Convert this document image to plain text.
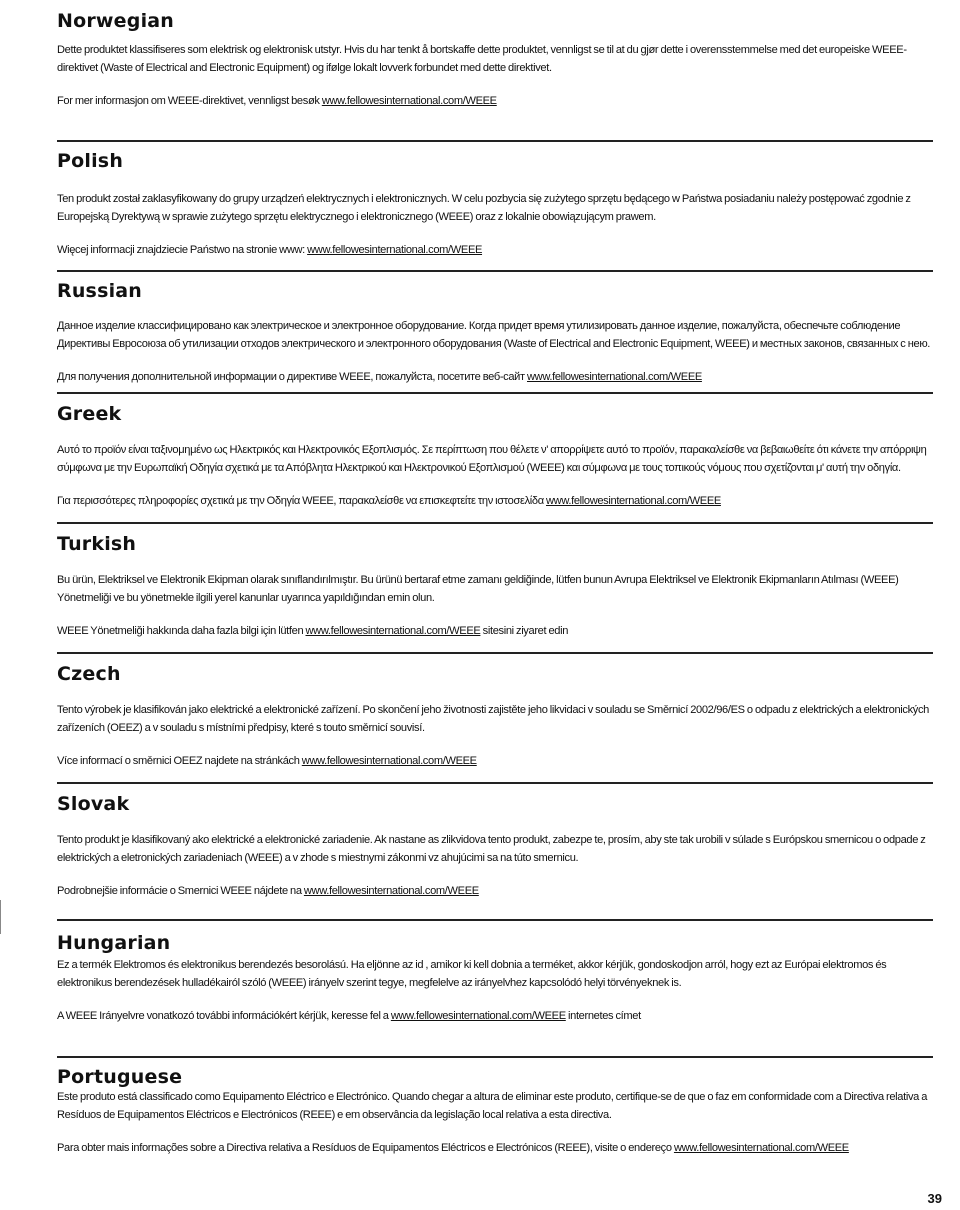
Norwegian

Dette produktet klassifiseres som elektrisk og elektronisk utstyr. Hvis du har tenkt å bortskaffe dette produktet, vennligst se til at du gjør dette i overensstemmelse med det europeiske WEEE-direktivet (Waste of Electrical and Electronic Equipment) og ifølge lokalt lovverk forbundet med dette direktivet.

For mer informasjon om WEEE-direktivet, vennligst besøk www.fellowesinternational.com/WEEE

Polish

Ten produkt został zaklasyfikowany do grupy urządzeń elektrycznych i elektronicznych. W celu pozbycia się zużytego sprzętu będącego w Państwa posiadaniu należy postępować zgodnie z Europejską Dyrektywą w sprawie zużytego sprzętu elektrycznego i elektronicznego (WEEE) oraz z lokalnie obowiązującym prawem.

Więcej informacji znajdziecie Państwo na stronie www: www.fellowesinternational.com/WEEE

Russian

Данное изделие классифицировано как электрическое и электронное оборудование. Когда придет время утилизировать данное изделие, пожалуйста, обеспечьте соблюдение Директивы Евросоюза об утилизации отходов электрического и электронного оборудования (Waste of Electrical and Electronic Equipment, WEEE) и местных законов, связанных с нею.

Для получения дополнительной информации о директиве WEEE, пожалуйста, посетите веб-сайт www.fellowesinternational.com/WEEE

Greek

Αυτό το προϊόν είναι ταξινομημένο ως Ηλεκτρικός και Ηλεκτρονικός Εξοπλισμός. Σε περίπτωση που θέλετε ν' απορρίψετε αυτό το προϊόν, παρακαλείσθε να βεβαιωθείτε ότι κάνετε την απόρριψη σύμφωνα με την Ευρωπαϊκή Οδηγία σχετικά με τα Απόβλητα Ηλεκτρικού και Ηλεκτρονικού Εξοπλισμού (WEEE) και σύμφωνα με τους τοπικούς νόμους που σχετίζονται μ' αυτή την οδηγία.

Για περισσότερες πληροφορίες σχετικά με την Οδηγία WEEE, παρακαλείσθε να επισκεφτείτε την ιστοσελίδα www.fellowesinternational.com/WEEE

Turkish

Bu ürün, Elektriksel ve Elektronik Ekipman olarak sınıflandırılmıştır. Bu ürünü bertaraf etme zamanı geldiğinde, lütfen bunun Avrupa Elektriksel ve Elektronik Ekipmanların Atılması (WEEE) Yönetmeliği ve bu yönetmekle ilgili yerel kanunlar uyarınca yapıldığından emin olun.

WEEE Yönetmeliği hakkında daha fazla bilgi için lütfen www.fellowesinternational.com/WEEE sitesini ziyaret edin

Czech

Tento výrobek je klasifikován jako elektrické a elektronické zařízení. Po skončení jeho životnosti zajistěte jeho likvidaci v souladu se Směrnicí 2002/96/ES o odpadu z elektrických a elektronických zařízeních (OEEZ) a v souladu s místními předpisy, které s touto směrnicí souvisí.

Více informací o směrnici OEEZ najdete na stránkách www.fellowesinternational.com/WEEE

Slovak

Tento produkt je klasifikovaný ako elektrické a elektronické zariadenie. Ak nastane as zlikvidova tento produkt, zabezpe te, prosím, aby ste tak urobili v súlade s Európskou smernicou o odpade z elektrických a eletronických zariadeniach (WEEE) a v zhode s miestnymi zákonmi vz ahujúcimi sa na túto smernicu.

Podrobnejšie informácie o Smernici WEEE nájdete na www.fellowesinternational.com/WEEE

Hungarian

Ez a termék Elektromos és elektronikus berendezés besorolású. Ha eljönne az id , amikor ki kell dobnia a terméket, akkor kérjük, gondoskodjon arról, hogy ezt az Európai elektromos és elektronikus berendezések hulladékairól szóló (WEEE) irányelv szerint tegye, megfelelve az irányelvhez kapcsolódó helyi törvényeknek is.

A WEEE Irányelvre vonatkozó további információkért kérjük, keresse fel a www.fellowesinternational.com/WEEE internetes címet

Portuguese

Este produto está classificado como Equipamento Eléctrico e Electrónico. Quando chegar a altura de eliminar este produto, certifique-se de que o faz em conformidade com a Directiva relativa a Resíduos de Equipamentos Eléctricos e Electrónicos (REEE) e em observância da legislação local relativa a esta directiva.

Para obter mais informações sobre a Directiva relativa a Resíduos de Equipamentos Eléctricos e Electrónicos (REEE), visite o endereço www.fellowesinternational.com/WEEE

39
